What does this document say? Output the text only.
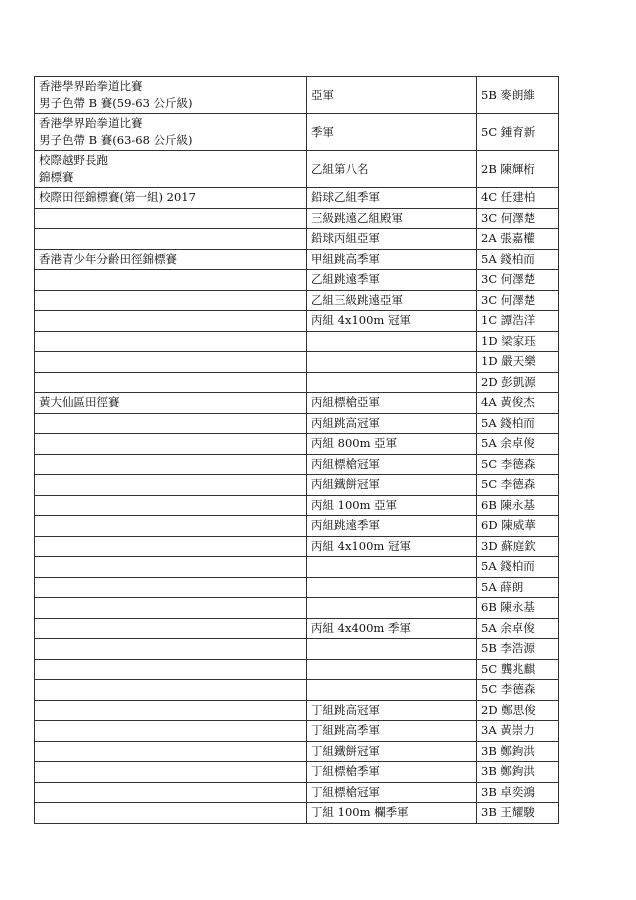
香港學界跆拳道比賽
男子色帶 B 賽(59-63 公斤級)	亞軍	5B 麥朗維

香港學界跆拳道比賽
男子色帶 B 賽(63-68 公斤級)	季軍	5C 鍾育新

校際越野長跑
錦標賽	乙組第八名	2B 陳輝桁

校際田徑錦標賽(第一組) 2017	鉛球乙組季軍	4C 任建柏

	三級跳遠乙組殿軍	3C 何澤楚

	鉛球丙組亞軍	2A 張嘉權

香港青少年分齡田徑錦標賽	甲組跳高季軍	5A 錢柏而

	乙組跳遠季軍	3C 何澤楚

	乙組三級跳遠亞軍	3C 何澤楚

	丙組 4x100m 冠軍	1C 譚浩洋

		1D 梁家珏

		1D 嚴天樂

		2D 彭凱源

黃大仙區田徑賽	丙組標槍亞軍	4A 黃俊杰

	丙組跳高冠軍	5A 錢柏而

	丙組 800m 亞軍	5A 余卓俊

	丙組標槍冠軍	5C 李德森

	丙組鐵餅冠軍	5C 李德森

	丙組 100m 亞軍	6B 陳永基

	丙組跳遠季軍	6D 陳威華

	丙組 4x100m 冠軍	3D 蘇庭欽

		5A 錢柏而

		5A 薛朗

		6B 陳永基

	丙組 4x400m 季軍	5A 余卓俊

		5B 李浩源

		5C 龔兆麒

		5C 李德森

	丁組跳高冠軍	2D 鄭思俊

	丁組跳高季軍	3A 黃崇力

	丁組鐵餅冠軍	3B 鄭鉤洪

	丁組標槍季軍	3B 鄭鉤洪

	丁組標槍冠軍	3B 卓奕鴻

	丁組 100m 欄季軍	3B 王耀駿
